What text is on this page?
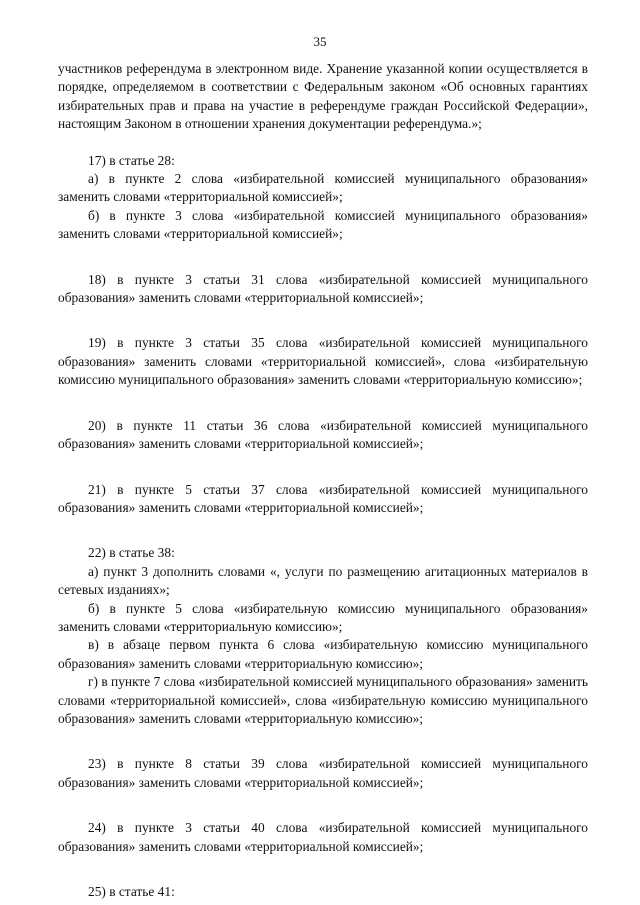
35

участников референдума в электронном виде. Хранение указанной копии осуществляется в порядке, определяемом в соответствии с Федеральным законом «Об основных гарантиях избирательных прав и права на участие в референдуме граждан Российской Федерации», настоящим Законом в отношении хранения документации референдума.»;

17) в статье 28:

а) в пункте 2 слова «избирательной комиссией муниципального образования» заменить словами «территориальной комиссией»;

б) в пункте 3 слова «избирательной комиссией муниципального образования» заменить словами «территориальной комиссией»;

18) в пункте 3 статьи 31 слова «избирательной комиссией муниципального образования» заменить словами «территориальной комиссией»;

19) в пункте 3 статьи 35 слова «избирательной комиссией муниципального образования» заменить словами «территориальной комиссией», слова «избирательную комиссию муниципального образования» заменить словами «территориальную комиссию»;

20) в пункте 11 статьи 36 слова «избирательной комиссией муниципального образования» заменить словами «территориальной комиссией»;

21) в пункте 5 статьи 37 слова «избирательной комиссией муниципального образования» заменить словами «территориальной комиссией»;

22) в статье 38:

а) пункт 3 дополнить словами «, услуги по размещению агитационных материалов в сетевых изданиях»;

б) в пункте 5 слова «избирательную комиссию муниципального образования» заменить словами «территориальную комиссию»;

в) в абзаце первом пункта 6 слова «избирательную комиссию муниципального образования» заменить словами «территориальную комиссию»;

г) в пункте 7 слова «избирательной комиссией муниципального образования» заменить словами «территориальной комиссией», слова «избирательную комиссию муниципального образования» заменить словами «территориальную комиссию»;

23) в пункте 8 статьи 39 слова «избирательной комиссией муниципального образования» заменить словами «территориальной комиссией»;

24) в пункте 3 статьи 40 слова «избирательной комиссией муниципального образования» заменить словами «территориальной комиссией»;

25) в статье 41:
